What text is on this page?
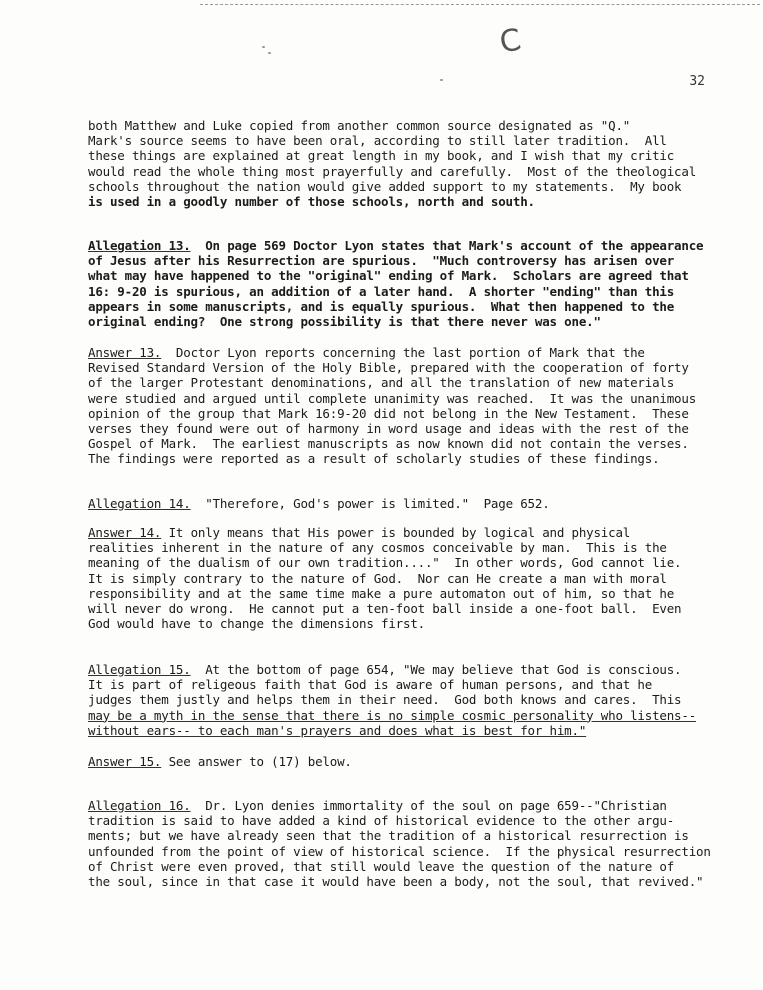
C
32

both Matthew and Luke copied from another common source designated as "Q."

Mark's source seems to have been oral, according to still later tradition.  All

these things are explained at great length in my book, and I wish that my critic

would read the whole thing most prayerfully and carefully.  Most of the theological

schools throughout the nation would give added support to my statements.  My book

is used in a goodly number of those schools, north and south.

Allegation 13.  On page 569 Doctor Lyon states that Mark's account of the appearance

of Jesus after his Resurrection are spurious.  "Much controversy has arisen over

what may have happened to the "original" ending of Mark.  Scholars are agreed that

16: 9-20 is spurious, an addition of a later hand.  A shorter "ending" than this

appears in some manuscripts, and is equally spurious.  What then happened to the

original ending?  One strong possibility is that there never was one."

Answer 13.  Doctor Lyon reports concerning the last portion of Mark that the

Revised Standard Version of the Holy Bible, prepared with the cooperation of forty

of the larger Protestant denominations, and all the translation of new materials

were studied and argued until complete unanimity was reached.  It was the unanimous

opinion of the group that Mark 16:9-20 did not belong in the New Testament.  These

verses they found were out of harmony in word usage and ideas with the rest of the

Gospel of Mark.  The earliest manuscripts as now known did not contain the verses.

The findings were reported as a result of scholarly studies of these findings.

Allegation 14.  "Therefore, God's power is limited."  Page 652.

Answer 14. It only means that His power is bounded by logical and physical

realities inherent in the nature of any cosmos conceivable by man.  This is the

meaning of the dualism of our own tradition...."  In other words, God cannot lie.

It is simply contrary to the nature of God.  Nor can He create a man with moral

responsibility and at the same time make a pure automaton out of him, so that he

will never do wrong.  He cannot put a ten-foot ball inside a one-foot ball.  Even

God would have to change the dimensions first.

Allegation 15.  At the bottom of page 654, "We may believe that God is conscious.

It is part of religeous faith that God is aware of human persons, and that he

judges them justly and helps them in their need.  God both knows and cares.  This

may be a myth in the sense that there is no simple cosmic personality who listens--

without ears-- to each man's prayers and does what is best for him."

Answer 15. See answer to (17) below.

Allegation 16.  Dr. Lyon denies immortality of the soul on page 659--"Christian

tradition is said to have added a kind of historical evidence to the other argu-

ments; but we have already seen that the tradition of a historical resurrection is

unfounded from the point of view of historical science.  If the physical resurrection

of Christ were even proved, that still would leave the question of the nature of

the soul, since in that case it would have been a body, not the soul, that revived."
